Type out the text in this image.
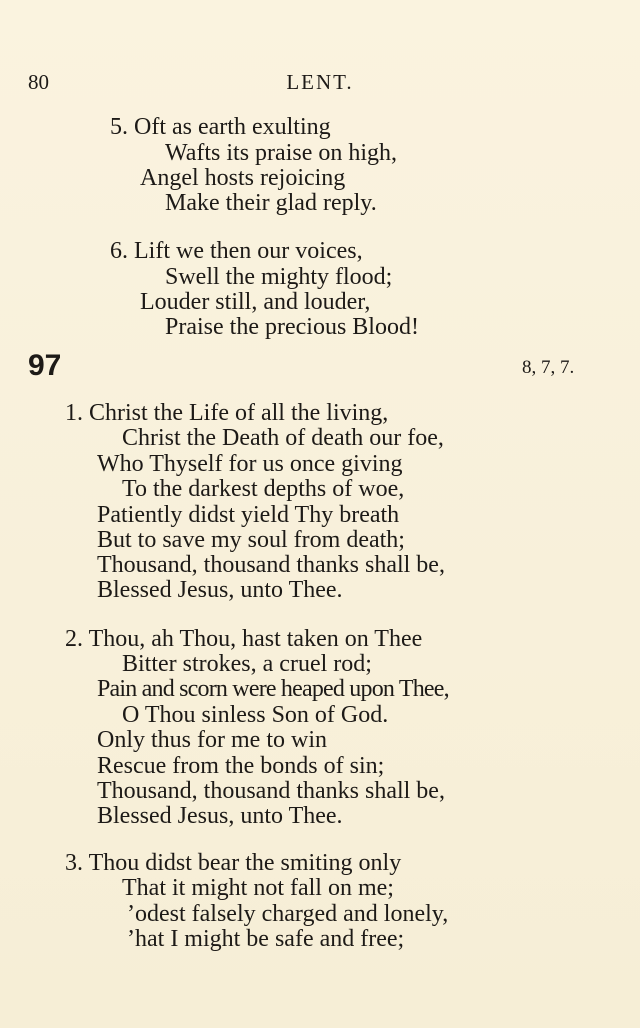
80	LENT.
5. Oft as earth exulting
Wafts its praise on high,
Angel hosts rejoicing
Make their glad reply.
6. Lift we then our voices,
Swell the mighty flood;
Louder still, and louder,
Praise the precious Blood!
97	8, 7, 7.
1. Christ the Life of all the living,
Christ the Death of death our foe,
Who Thyself for us once giving
To the darkest depths of woe,
Patiently didst yield Thy breath
But to save my soul from death;
Thousand, thousand thanks shall be,
Blessed Jesus, unto Thee.
2. Thou, ah Thou, hast taken on Thee
Bitter strokes, a cruel rod;
Pain and scorn were heaped upon Thee,
O Thou sinless Son of God.
Only thus for me to win
Rescue from the bonds of sin;
Thousand, thousand thanks shall be,
Blessed Jesus, unto Thee.
3. Thou didst bear the smiting only
That it might not fall on me;
’odest falsely charged and lonely,
’hat I might be safe and free;
